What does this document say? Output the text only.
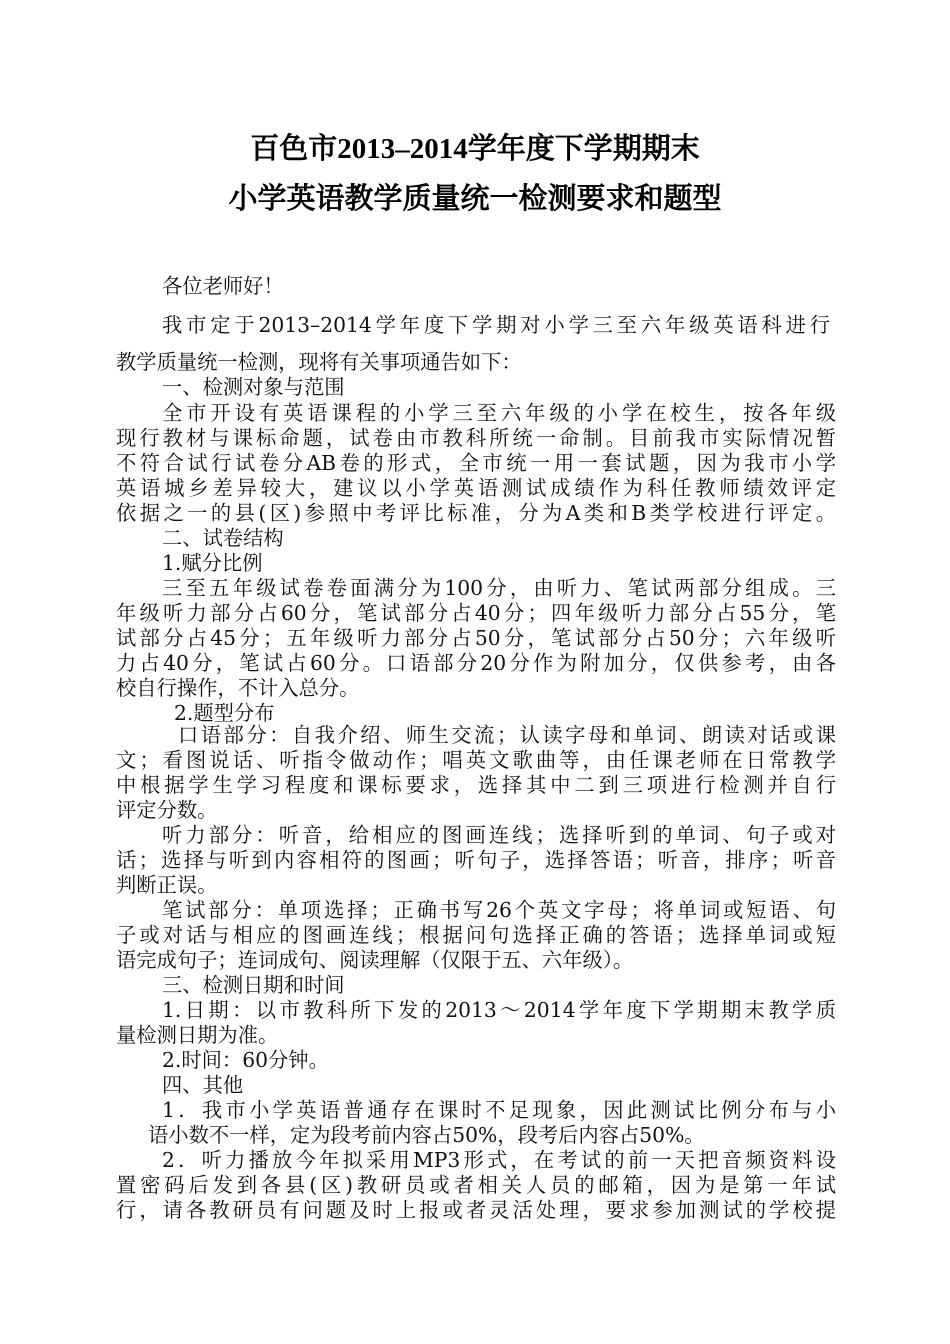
百色市2013–2014学年度下学期期末
小学英语教学质量统一检测要求和题型

各位老师好！

我市定于2013–2014学年度下学期对小学三至六年级英语科进行

教学质量统一检测，现将有关事项通告如下：

一、检测对象与范围

全市开设有英语课程的小学三至六年级的小学在校生，按各年级

现行教材与课标命题，试卷由市教科所统一命制。目前我市实际情况暂

不符合试行试卷分AB卷的形式，全市统一用一套试题，因为我市小学

英语城乡差异较大，建议以小学英语测试成绩作为科任教师绩效评定

依据之一的县(区)参照中考评比标准，分为A类和B类学校进行评定。

二、试卷结构

1.赋分比例

三至五年级试卷卷面满分为100分，由听力、笔试两部分组成。三

年级听力部分占60分，笔试部分占40分；四年级听力部分占55分，笔

试部分占45分；五年级听力部分占50分，笔试部分占50分；六年级听

力占40分，笔试占60分。口语部分20分作为附加分，仅供参考，由各

校自行操作，不计入总分。

2.题型分布

口语部分：自我介绍、师生交流；认读字母和单词、朗读对话或课

文；看图说话、听指令做动作；唱英文歌曲等，由任课老师在日常教学

中根据学生学习程度和课标要求，选择其中二到三项进行检测并自行

评定分数。

听力部分：听音，给相应的图画连线；选择听到的单词、句子或对

话；选择与听到内容相符的图画；听句子，选择答语；听音，排序；听音

判断正误。

笔试部分：单项选择；正确书写26个英文字母；将单词或短语、句

子或对话与相应的图画连线；根据问句选择正确的答语；选择单词或短

语完成句子；连词成句、阅读理解（仅限于五、六年级）。

三、检测日期和时间

1.日期：以市教科所下发的2013～2014学年度下学期期末教学质

量检测日期为准。

2.时间：60分钟。

四、其他

1．我市小学英语普通存在课时不足现象，因此测试比例分布与小

语小数不一样，定为段考前内容占50%，段考后内容占50%。

2．听力播放今年拟采用MP3形式，在考试的前一天把音频资料设

置密码后发到各县(区)教研员或者相关人员的邮箱，因为是第一年试

行，请各教研员有问题及时上报或者灵活处理，要求参加测试的学校提
